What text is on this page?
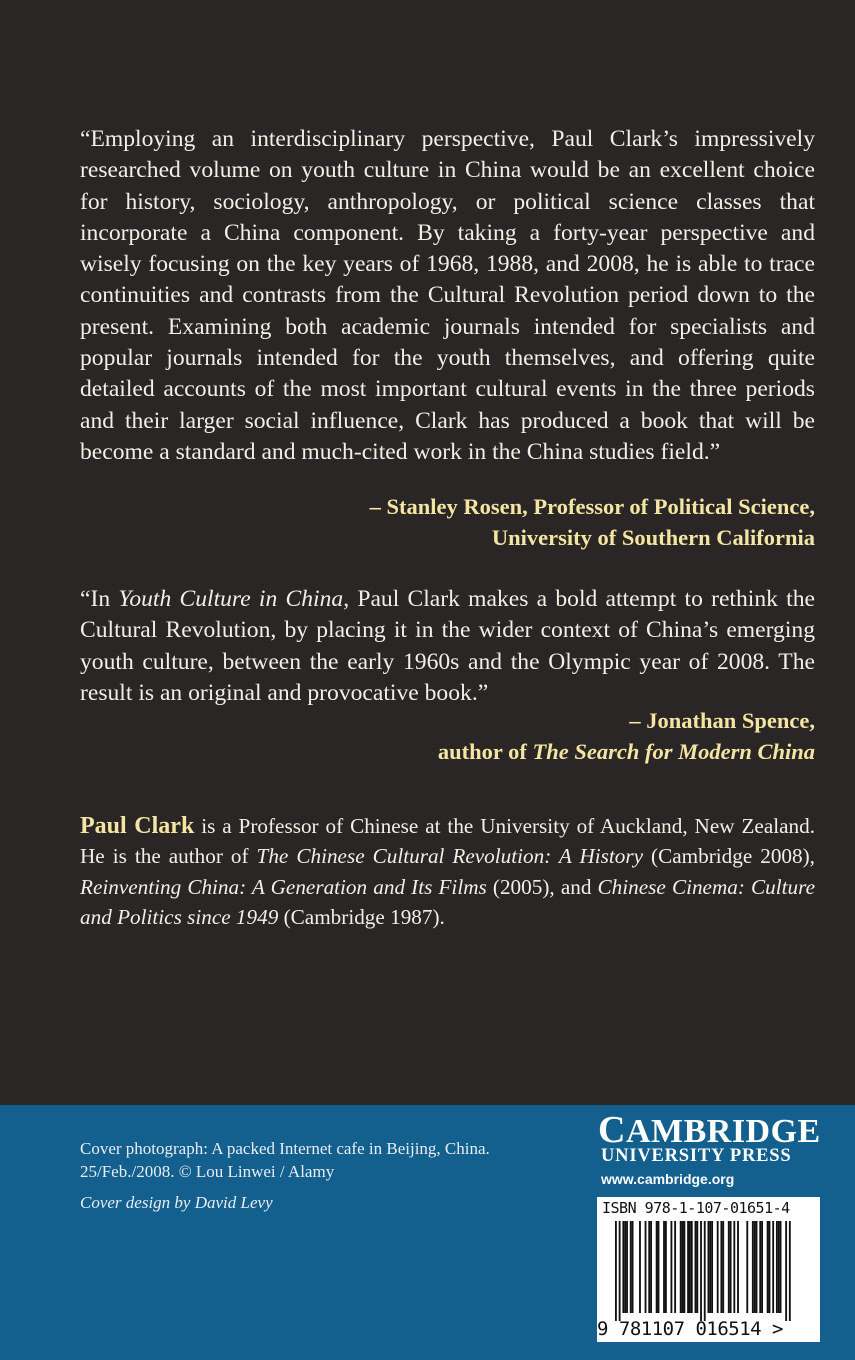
“Employing an interdisciplinary perspective, Paul Clark’s impressively researched volume on youth culture in China would be an excellent choice for history, sociology, anthropology, or political science classes that incorporate a China component. By taking a forty-year perspective and wisely focusing on the key years of 1968, 1988, and 2008, he is able to trace continuities and contrasts from the Cultural Revolution period down to the present. Examining both academic journals intended for specialists and popular journals intended for the youth themselves, and offering quite detailed accounts of the most important cultural events in the three periods and their larger social influence, Clark has produced a book that will be become a standard and much-cited work in the China studies field.”

– Stanley Rosen, Professor of Political Science,
University of Southern California

“In Youth Culture in China, Paul Clark makes a bold attempt to rethink the Cultural Revolution, by placing it in the wider context of China’s emerging youth culture, between the early 1960s and the Olympic year of 2008. The result is an original and provocative book.”

– Jonathan Spence,
author of The Search for Modern China
Paul Clark is a Professor of Chinese at the University of Auckland, New Zealand. He is the author of The Chinese Cultural Revolution: A History (Cambridge 2008), Reinventing China: A Generation and Its Films (2005), and Chinese Cinema: Culture and Politics since 1949 (Cambridge 1987).
Cover photograph: A packed Internet cafe in Beijing, China.
25/Feb./2008. © Lou Linwei / Alamy
Cover design by David Levy
CAMBRIDGE
UNIVERSITY PRESS
www.cambridge.org
ISBN 978-1-107-01651-4
9 781107 016514 >
